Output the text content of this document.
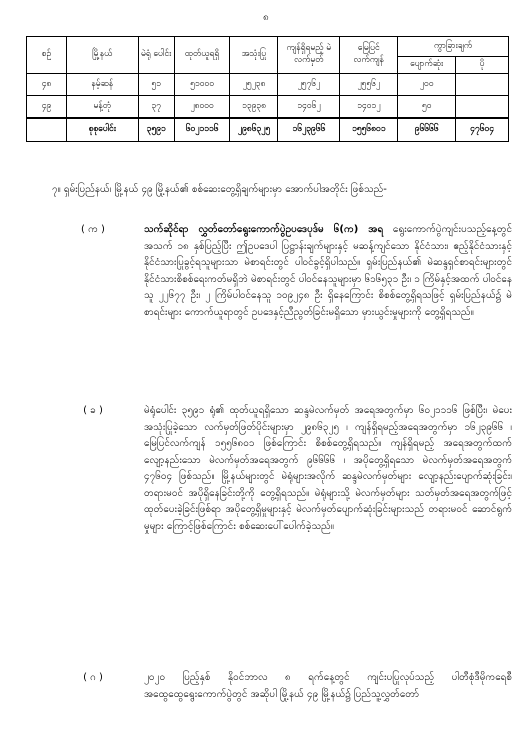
၈
စဉ်	မြို့နယ်	မဲရုံ ပေါင်း	ထုတ်ယူရရှိ	အသုံးပြု	ကျန်ရှိရမည့် မဲလက်မှတ်	မြေပြင် လက်ကျန်	ကွာခြားချက်	
							ပျောက်ဆုံး	ပို
၄၈	နမ့်ဆန်	၅၁	၅၁၀၀၀	၂၅၂၃၈	၂၅၇၆၂	၂၅၅၆၂	၂၀၀	
၄၉	မန့်တုံ	၃၇	၂၈၀၀၀	၁၃၉၃၈	၁၄၀၆၂	၁၄၀၁၂	၅၀	
	စုစုပေါင်း	၃၅၉၁	၆၀၂၁၁၁၆	၂၉၈၆၃၂၅	၁၆၂၃၉၆၆	၁၅၅၆၈၀၁	၉၆၆၆၆	၄၇၆၀၄
၇။ ရှမ်းပြည်နယ်၊ မြို့နယ် ၄၉ မြို့နယ်၏ စစ်ဆေးတွေ့ရှိချက်များမှာ အောက်ပါအတိုင်း ဖြစ်သည်-
( က )	သက်ဆိုင်ရာ လွှတ်တော်ရွေးကောက်ပွဲဥပဒေပုဒ်မ ၆(က) အရ ရွေးကောက်ပွဲကျင်းပသည့်နေ့တွင် အသက် ၁၈ နှစ်ပြည့်ပြီး ဤဥပဒေပါ ပြဋ္ဌာန်းချက်များနှင့် မဆန့်ကျင်သော နိုင်ငံသား၊ ဧည့်နိုင်ငံသားနှင့် နိုင်ငံသားပြုခွင့်ရသူများသာ မဲစာရင်းတွင် ပါဝင်ခွင့်ရှိပါသည်။ ရှမ်းပြည်နယ်၏ မဲဆန္ဒရှင်စာရင်းများတွင် နိုင်ငံသားစိစစ်ရေးကတ်မရှိဘဲ မဲစာရင်းတွင် ပါဝင်နေသူများမှာ ၆၁၆၅၃၁ ဦး၊ ၁ ကြိမ်နှင့်အထက် ပါဝင်နေသူ ၂၂၆၇၇ ဦး၊ ၂ ကြိမ်ပါဝင်နေသူ ၁၀၉၂၄၈ ဦး ရှိနေကြောင်း စိစစ်တွေ့ရှိရသဖြင့် ရှမ်းပြည်နယ်၌ မဲစာရင်းများ ကောက်ယူရာတွင် ဥပဒေနှင့်ညီညွတ်ခြင်းမရှိသော မှားယွင်းမှုများကို တွေ့ရှိရသည်။
( ခ )	မဲရုံပေါင်း ၃၅၉၁ ရုံ၏ ထုတ်ယူရရှိသော ဆန္ဒမဲလက်မှတ် အရေအတွက်မှာ ၆၀၂၁၁၁၆ ဖြစ်ပြီး၊ မဲပေးအသုံးပြုခဲ့သော လက်မှတ်ဖြတ်ပိုင်းများမှာ ၂၉၈၆၃၂၅ ၊ ကျန်ရှိရမည့်အရေအတွက်မှာ ၁၆၂၃၉၆၆ ၊ မြေပြင်လက်ကျန် ၁၅၅၆၈၀၁ ဖြစ်ကြောင်း စိစစ်တွေ့ရှိရသည်။ ကျန်ရှိရမည့် အရေအတွက်ထက် လျော့နည်းသော မဲလက်မှတ်အရေအတွက် ၉၆၆၆၆ ၊ အပိုတွေ့ရှိရသော မဲလက်မှတ်အရေအတွက် ၄၇၆၀၄ ဖြစ်သည်။ မြို့နယ်များတွင် မဲရုံများအလိုက် ဆန္ဒမဲလက်မှတ်များ လျော့နည်းပျောက်ဆုံးခြင်း၊ တရားမဝင် အပိုရှိနေခြင်းတို့ကို တွေ့ရှိရသည်။ မဲရုံများသို့ မဲလက်မှတ်များ သတ်မှတ်အရေအတွက်ဖြင့် ထုတ်ပေးခဲ့ခြင်းဖြစ်ရာ အပိုတွေ့ရှိမှုများနှင့် မဲလက်မှတ်ပျောက်ဆုံးခြင်းများသည် တရားမဝင် ဆောင်ရွက်မှုများ ကြောင့်ဖြစ်ကြောင်း စစ်ဆေးပေါ်ပေါက်ခဲ့သည်။
( ဂ )	၂၀၂၀ ပြည့်နှစ် နိုဝင်ဘာလ ၈ ရက်နေ့တွင် ကျင်းပပြုလုပ်သည့် ပါတီစုံဒီမိုကရေစီ အထွေထွေရွေးကောက်ပွဲတွင် အဆိုပါ မြို့နယ် ၄၉ မြို့နယ်၌ ပြည်သူ့လွှတ်တော်
